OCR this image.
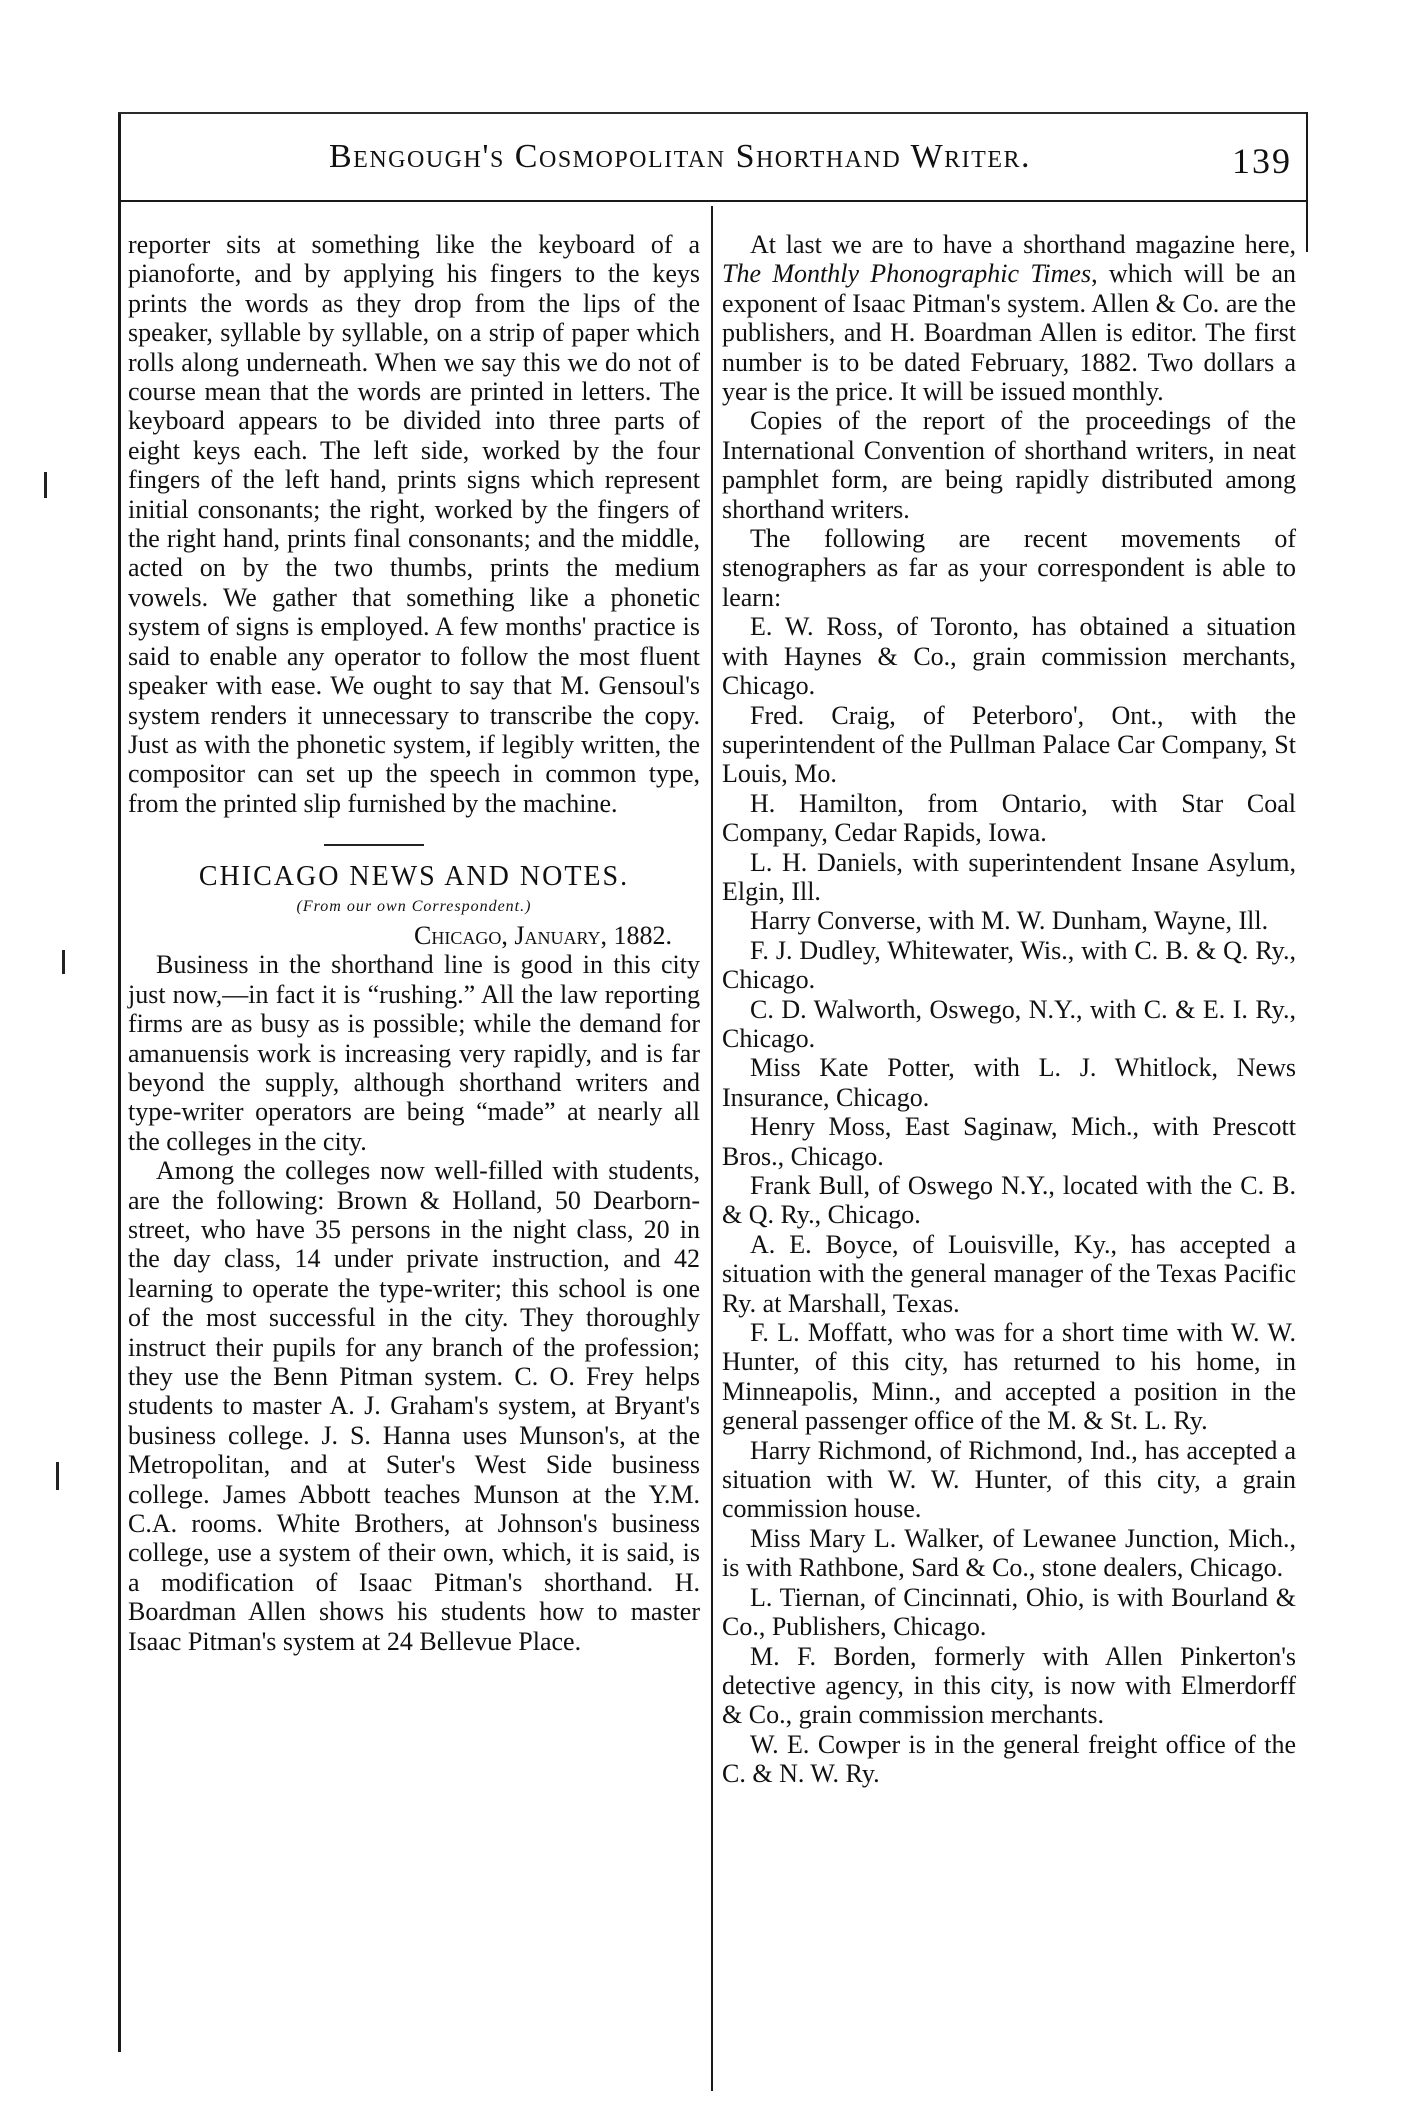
Bengough's Cosmopolitan Shorthand Writer.	139

reporter sits at something like the keyboard of a pianoforte, and by applying his fingers to the keys prints the words as they drop from the lips of the speaker, syllable by syllable, on a strip of paper which rolls along underneath. When we say this we do not of course mean that the words are printed in letters. The keyboard appears to be divided into three parts of eight keys each. The left side, worked by the four fingers of the left hand, prints signs which represent initial consonants; the right, worked by the fingers of the right hand, prints final consonants; and the middle, acted on by the two thumbs, prints the medium vowels. We gather that something like a phonetic system of signs is employed. A few months' practice is said to enable any operator to follow the most fluent speaker with ease. We ought to say that M. Gensoul's system renders it unnecessary to transcribe the copy. Just as with the phonetic system, if legibly written, the compositor can set up the speech in common type, from the printed slip furnished by the machine.

CHICAGO NEWS AND NOTES.

(From our own Correspondent.)

Chicago, January, 1882.

Business in the shorthand line is good in this city just now,—in fact it is “rushing.” All the law reporting firms are as busy as is possible; while the demand for amanuensis work is increasing very rapidly, and is far beyond the supply, although shorthand writers and type-writer operators are being “made” at nearly all the colleges in the city.

Among the colleges now well-filled with students, are the following: Brown & Holland, 50 Dearborn-street, who have 35 persons in the night class, 20 in the day class, 14 under private instruction, and 42 learning to operate the type-writer; this school is one of the most successful in the city. They thoroughly instruct their pupils for any branch of the profession; they use the Benn Pitman system. C. O. Frey helps students to master A. J. Graham's system, at Bryant's business college. J. S. Hanna uses Munson's, at the Metropolitan, and at Suter's West Side business college. James Abbott teaches Munson at the Y.M. C.A. rooms. White Brothers, at Johnson's business college, use a system of their own, which, it is said, is a modification of Isaac Pitman's shorthand. H. Boardman Allen shows his students how to master Isaac Pitman's system at 24 Bellevue Place.

At last we are to have a shorthand magazine here, The Monthly Phonographic Times, which will be an exponent of Isaac Pitman's system. Allen & Co. are the publishers, and H. Boardman Allen is editor. The first number is to be dated February, 1882. Two dollars a year is the price. It will be issued monthly.

Copies of the report of the proceedings of the International Convention of shorthand writers, in neat pamphlet form, are being rapidly distributed among shorthand writers.

The following are recent movements of stenographers as far as your correspondent is able to learn:

E. W. Ross, of Toronto, has obtained a situation with Haynes & Co., grain commission merchants, Chicago.

Fred. Craig, of Peterboro', Ont., with the superintendent of the Pullman Palace Car Company, St Louis, Mo.

H. Hamilton, from Ontario, with Star Coal Company, Cedar Rapids, Iowa.

L. H. Daniels, with superintendent Insane Asylum, Elgin, Ill.

Harry Converse, with M. W. Dunham, Wayne, Ill.

F. J. Dudley, Whitewater, Wis., with C. B. & Q. Ry., Chicago.

C. D. Walworth, Oswego, N.Y., with C. & E. I. Ry., Chicago.

Miss Kate Potter, with L. J. Whitlock, News Insurance, Chicago.

Henry Moss, East Saginaw, Mich., with Prescott Bros., Chicago.

Frank Bull, of Oswego N.Y., located with the C. B. & Q. Ry., Chicago.

A. E. Boyce, of Louisville, Ky., has accepted a situation with the general manager of the Texas Pacific Ry. at Marshall, Texas.

F. L. Moffatt, who was for a short time with W. W. Hunter, of this city, has returned to his home, in Minneapolis, Minn., and accepted a position in the general passenger office of the M. & St. L. Ry.

Harry Richmond, of Richmond, Ind., has accepted a situation with W. W. Hunter, of this city, a grain commission house.

Miss Mary L. Walker, of Lewanee Junction, Mich., is with Rathbone, Sard & Co., stone dealers, Chicago.

L. Tiernan, of Cincinnati, Ohio, is with Bourland & Co., Publishers, Chicago.

M. F. Borden, formerly with Allen Pinkerton's detective agency, in this city, is now with Elmerdorff & Co., grain commission merchants.

W. E. Cowper is in the general freight office of the C. & N. W. Ry.
